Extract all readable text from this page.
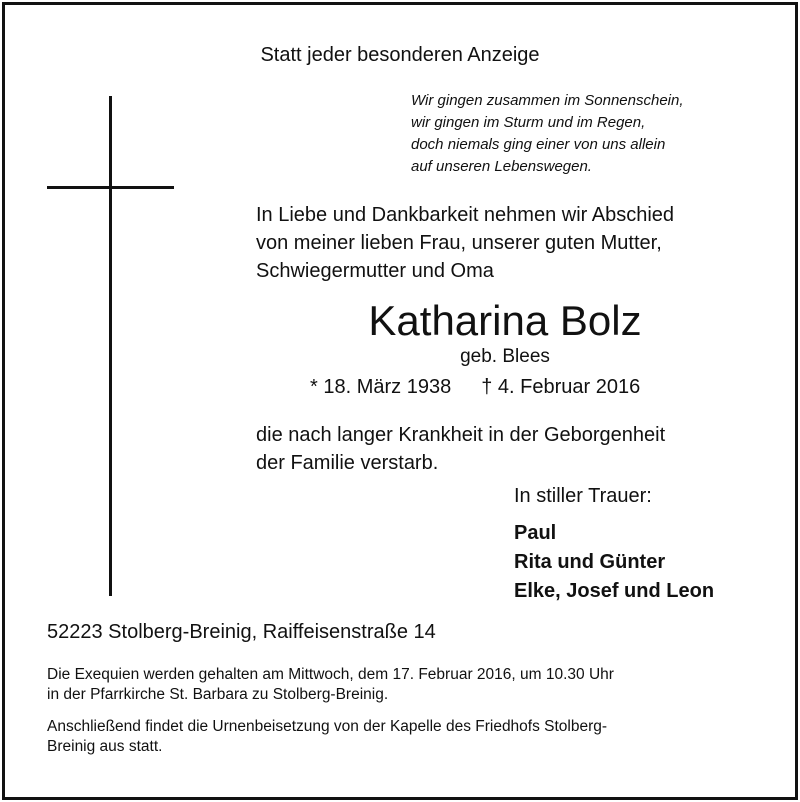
Statt jeder besonderen Anzeige
Wir gingen zusammen im Sonnenschein,
wir gingen im Sturm und im Regen,
doch niemals ging einer von uns allein
auf unseren Lebenswegen.
In Liebe und Dankbarkeit nehmen wir Abschied
von meiner lieben Frau, unserer guten Mutter,
Schwiegermutter und Oma
Katharina Bolz
geb. Blees
* 18. März 1938 † 4. Februar 2016
die nach langer Krankheit in der Geborgenheit
der Familie verstarb.
In stiller Trauer:
Paul
Rita und Günter
Elke, Josef und Leon
52223 Stolberg-Breinig, Raiffeisenstraße 14
Die Exequien werden gehalten am Mittwoch, dem 17. Februar 2016, um 10.30 Uhr
in der Pfarrkirche St. Barbara zu Stolberg-Breinig.
Anschließend findet die Urnenbeisetzung von der Kapelle des Friedhofs Stolberg-
Breinig aus statt.
